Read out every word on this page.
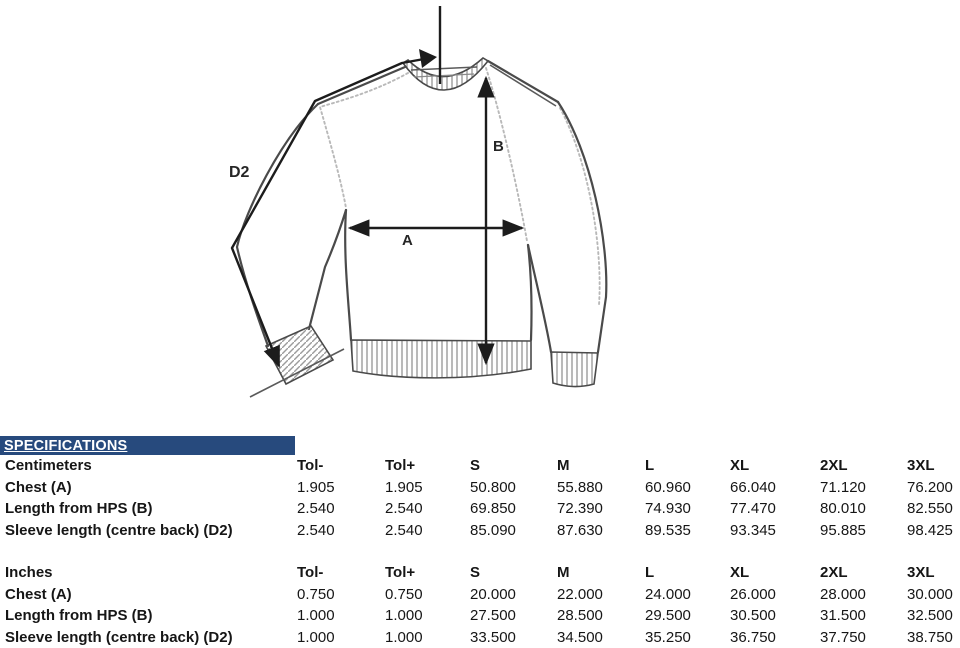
D2
B
A
SPECIFICATIONS
Centimeters	Tol-	Tol+	S	M	L	XL	2XL	3XL
Chest (A)	1.905	1.905	50.800	55.880	60.960	66.040	71.120	76.200
Length from HPS (B)	2.540	2.540	69.850	72.390	74.930	77.470	80.010	82.550
Sleeve length (centre back) (D2)	2.540	2.540	85.090	87.630	89.535	93.345	95.885	98.425
Inches	Tol-	Tol+	S	M	L	XL	2XL	3XL
Chest (A)	0.750	0.750	20.000	22.000	24.000	26.000	28.000	30.000
Length from HPS (B)	1.000	1.000	27.500	28.500	29.500	30.500	31.500	32.500
Sleeve length (centre back) (D2)	1.000	1.000	33.500	34.500	35.250	36.750	37.750	38.750
